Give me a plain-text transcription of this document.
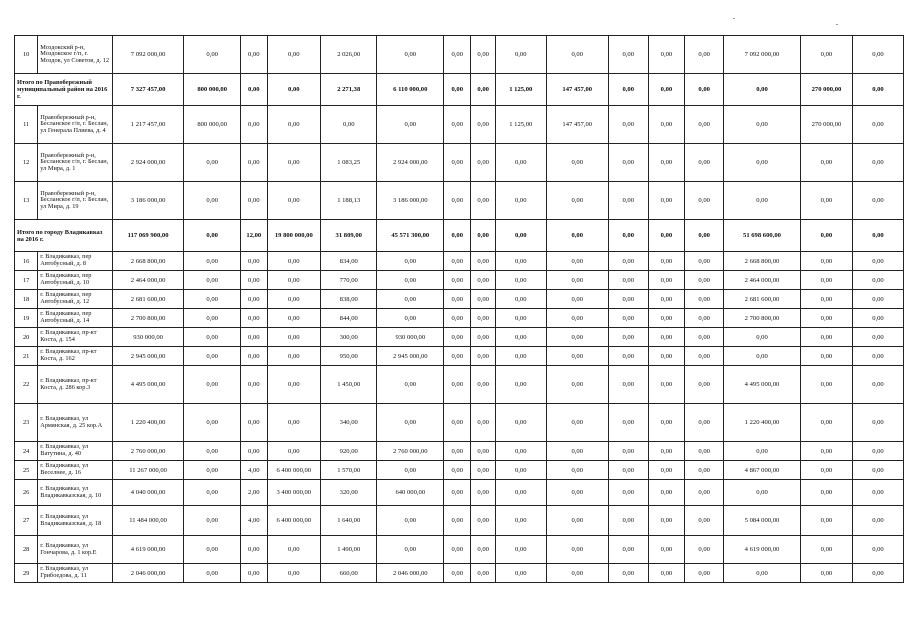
10	Моздокский р-н, Моздокское г/п, г. Моздок, ул Советов, д. 12	7 092 000,00	0,00	0,00	0,00	2 026,00	0,00	0,00	0,00	0,00	0,00	0,00	0,00	0,00	7 092 000,00	0,00	0,00
Итого по Правобережный муниципальный район на 2016 г.		7 327 457,00	800 000,00	0,00	0,00	2 271,38	6 110 000,00	0,00	0,00	1 125,00	147 457,00	0,00	0,00	0,00	0,00	270 000,00	0,00
11	Правобережный р-н, Бесланское г/п, г. Беслан, ул Генерала Плиева, д. 4	1 217 457,00	800 000,00	0,00	0,00	0,00	0,00	0,00	0,00	1 125,00	147 457,00	0,00	0,00	0,00	0,00	270 000,00	0,00
12	Правобережный р-н, Бесланское г/п, г. Беслан, ул Мира, д. 1	2 924 000,00	0,00	0,00	0,00	1 083,25	2 924 000,00	0,00	0,00	0,00	0,00	0,00	0,00	0,00	0,00	0,00	0,00
13	Правобережный р-н, Бесланское г/п, г. Беслан, ул Мира, д. 19	3 186 000,00	0,00	0,00	0,00	1 188,13	3 186 000,00	0,00	0,00	0,00	0,00	0,00	0,00	0,00	0,00	0,00	0,00
Итого по городу Владикавказ на 2016 г.		117 069 900,00	0,00	12,00	19 800 000,00	31 809,00	45 571 300,00	0,00	0,00	0,00	0,00	0,00	0,00	0,00	51 698 600,00	0,00	0,00
16	г. Владикавказ, пер Автобусный, д. 8	2 668 800,00	0,00	0,00	0,00	834,00	0,00	0,00	0,00	0,00	0,00	0,00	0,00	0,00	2 668 800,00	0,00	0,00
17	г. Владикавказ, пер Автобусный, д. 10	2 464 000,00	0,00	0,00	0,00	770,00	0,00	0,00	0,00	0,00	0,00	0,00	0,00	0,00	2 464 000,00	0,00	0,00
18	г. Владикавказ, пер Автобусный, д. 12	2 681 600,00	0,00	0,00	0,00	838,00	0,00	0,00	0,00	0,00	0,00	0,00	0,00	0,00	2 681 600,00	0,00	0,00
19	г. Владикавказ, пер Автобусный, д. 14	2 700 800,00	0,00	0,00	0,00	844,00	0,00	0,00	0,00	0,00	0,00	0,00	0,00	0,00	2 700 800,00	0,00	0,00
20	г. Владикавказ, пр-кт Коста, д. 154	930 000,00	0,00	0,00	0,00	300,00	930 000,00	0,00	0,00	0,00	0,00	0,00	0,00	0,00	0,00	0,00	0,00
21	г. Владикавказ, пр-кт Коста, д. 162	2 945 000,00	0,00	0,00	0,00	950,00	2 945 000,00	0,00	0,00	0,00	0,00	0,00	0,00	0,00	0,00	0,00	0,00
22	г. Владикавказ, пр-кт Коста, д. 286 кор.3	4 495 000,00	0,00	0,00	0,00	1 450,00	0,00	0,00	0,00	0,00	0,00	0,00	0,00	0,00	4 495 000,00	0,00	0,00
23	г. Владикавказ, ул Армянская, д. 25 кор.А	1 220 400,00	0,00	0,00	0,00	340,00	0,00	0,00	0,00	0,00	0,00	0,00	0,00	0,00	1 220 400,00	0,00	0,00
24	г. Владикавказ, ул Ватутина, д. 40	2 760 000,00	0,00	0,00	0,00	920,00	2 760 000,00	0,00	0,00	0,00	0,00	0,00	0,00	0,00	0,00	0,00	0,00
25	г. Владикавказ, ул Веселнее, д. 16	11 267 000,00	0,00	4,00	6 400 000,00	1 570,00	0,00	0,00	0,00	0,00	0,00	0,00	0,00	0,00	4 867 000,00	0,00	0,00
26	г. Владикавказ, ул Владикавказская, д. 10	4 040 000,00	0,00	2,00	3 400 000,00	320,00	640 000,00	0,00	0,00	0,00	0,00	0,00	0,00	0,00	0,00	0,00	0,00
27	г. Владикавказ, ул Владикавказская, д. 18	11 484 000,00	0,00	4,00	6 400 000,00	1 640,00	0,00	0,00	0,00	0,00	0,00	0,00	0,00	0,00	5 084 000,00	0,00	0,00
28	г. Владикавказ, ул Гончарова, д. 1 кор.Е	4 619 000,00	0,00	0,00	0,00	1 490,00	0,00	0,00	0,00	0,00	0,00	0,00	0,00	0,00	4 619 000,00	0,00	0,00
29	г. Владикавказ, ул Грибоедова, д. 11	2 046 000,00	0,00	0,00	0,00	660,00	2 046 000,00	0,00	0,00	0,00	0,00	0,00	0,00	0,00	0,00	0,00	0,00
